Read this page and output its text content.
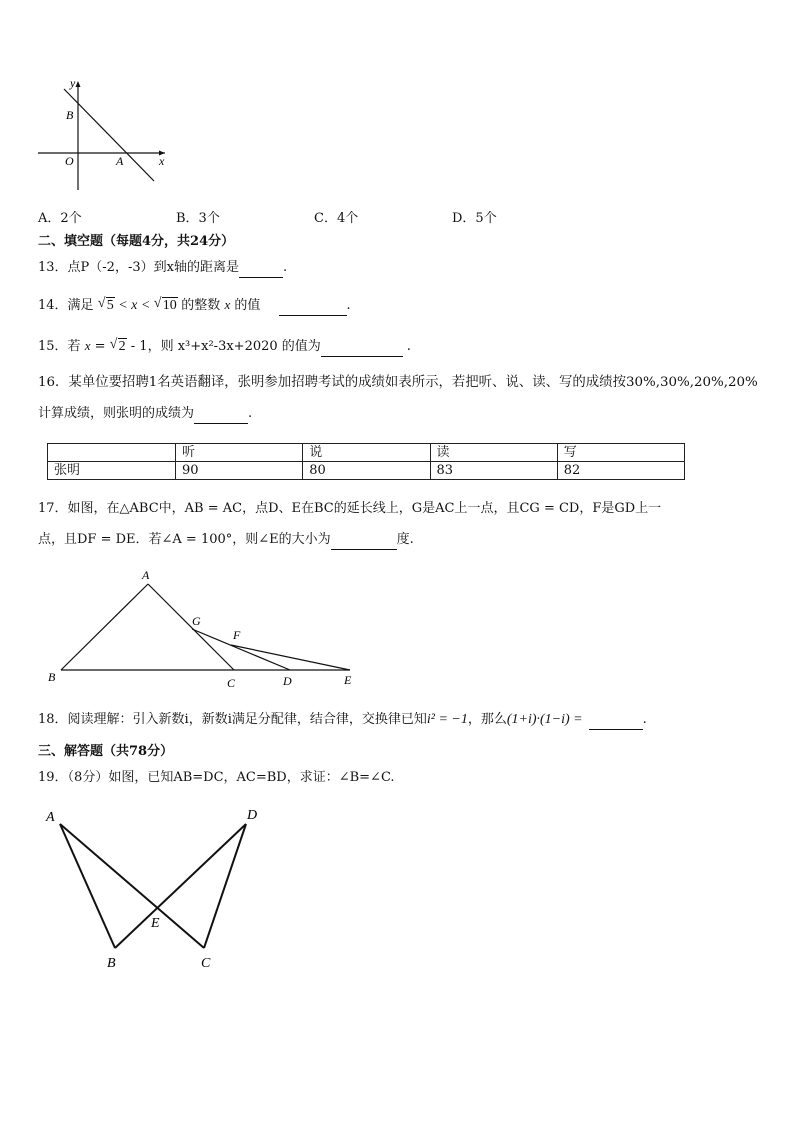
y
B
O	A	x
A．2个	B．3个	C．4个	D．5个
二、填空题（每题4分，共24分）
13．点P（-2，-3）到x轴的距离是	.
14．满足 √ 5 < x < √ 10 的整数 x 的值	.
15．若 x = √ 2 - 1，则 x³+x²-3x+2020 的值为	.
16．某单位要招聘1名英语翻译，张明参加招聘考试的成绩如表所示，若把听、说、读、写的成绩按30%,30%,20%,20%
计算成绩，则张明的成绩为	.
	听	说	读	写
张明	90	80	83	82
17．如图，在△ABC中，AB = AC，点D、E在BC的延长线上，G是AC上一点，且CG = CD，F是GD上一
点，且DF = DE．若∠A = 100°，则∠E的大小为	度.
A
G
F
B	C	D	E
18．阅读理解：引入新数i，新数i满足分配律，结合律，交换律已知i² = −1，那么(1+i)·(1−i) =	.
三、解答题（共78分）
19．（8分）如图，已知AB=DC，AC=BD，求证：∠B=∠C.
A	D
E
B	C
